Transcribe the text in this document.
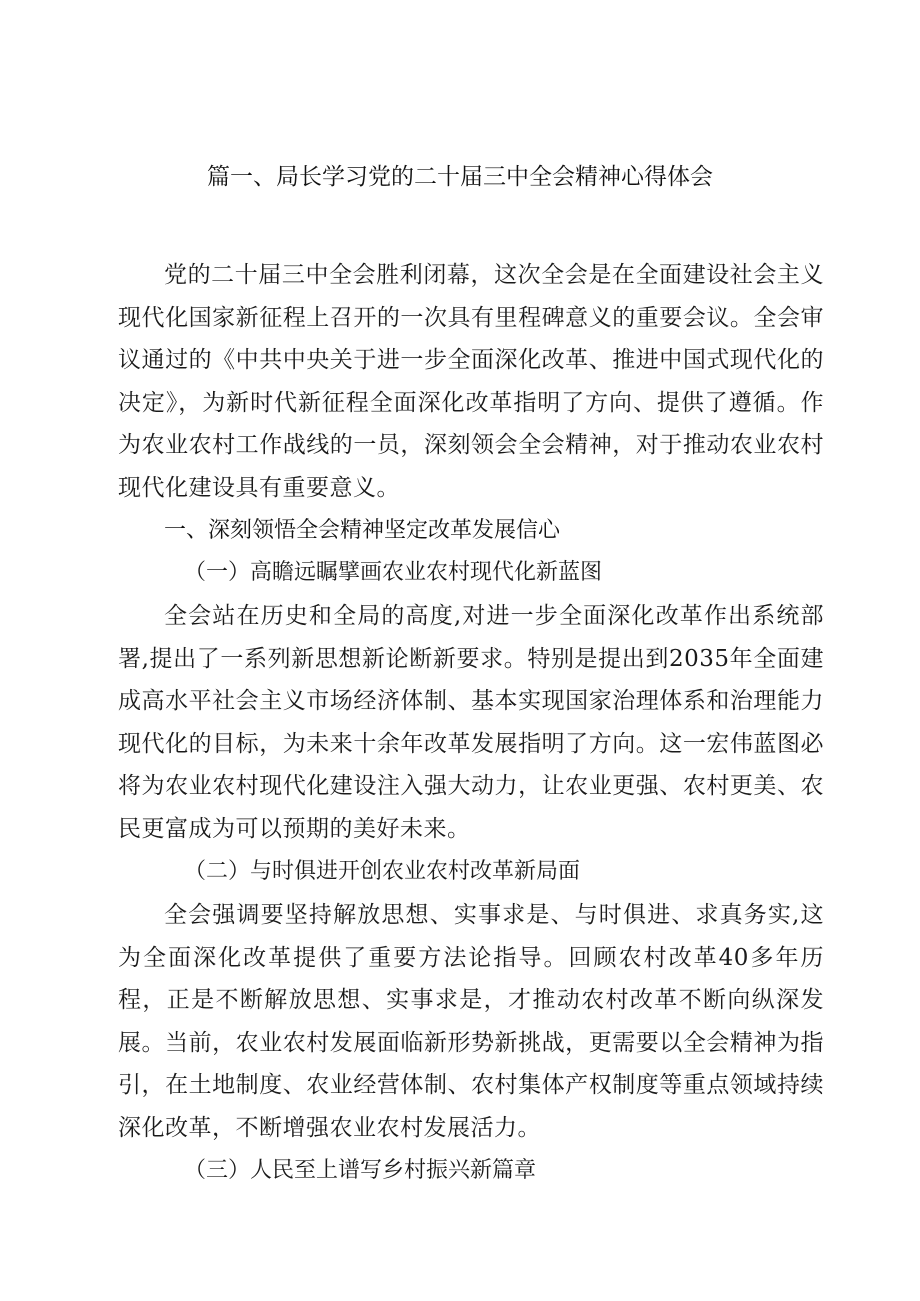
篇一、局长学习党的二十届三中全会精神心得体会

党的二十届三中全会胜利闭幕，这次全会是在全面建设社会主义现代化国家新征程上召开的一次具有里程碑意义的重要会议。全会审议通过的《中共中央关于进一步全面深化改革、推进中国式现代化的决定》，为新时代新征程全面深化改革指明了方向、提供了遵循。作为农业农村工作战线的一员，深刻领会全会精神，对于推动农业农村现代化建设具有重要意义。

一、深刻领悟全会精神坚定改革发展信心

（一）高瞻远瞩擘画农业农村现代化新蓝图

全会站在历史和全局的高度,对进一步全面深化改革作出系统部署,提出了一系列新思想新论断新要求。特别是提出到2035年全面建成高水平社会主义市场经济体制、基本实现国家治理体系和治理能力现代化的目标，为未来十余年改革发展指明了方向。这一宏伟蓝图必将为农业农村现代化建设注入强大动力，让农业更强、农村更美、农民更富成为可以预期的美好未来。

（二）与时俱进开创农业农村改革新局面

全会强调要坚持解放思想、实事求是、与时俱进、求真务实,这为全面深化改革提供了重要方法论指导。回顾农村改革40多年历程，正是不断解放思想、实事求是，才推动农村改革不断向纵深发展。当前，农业农村发展面临新形势新挑战，更需要以全会精神为指引，在土地制度、农业经营体制、农村集体产权制度等重点领域持续深化改革，不断增强农业农村发展活力。

（三）人民至上谱写乡村振兴新篇章
